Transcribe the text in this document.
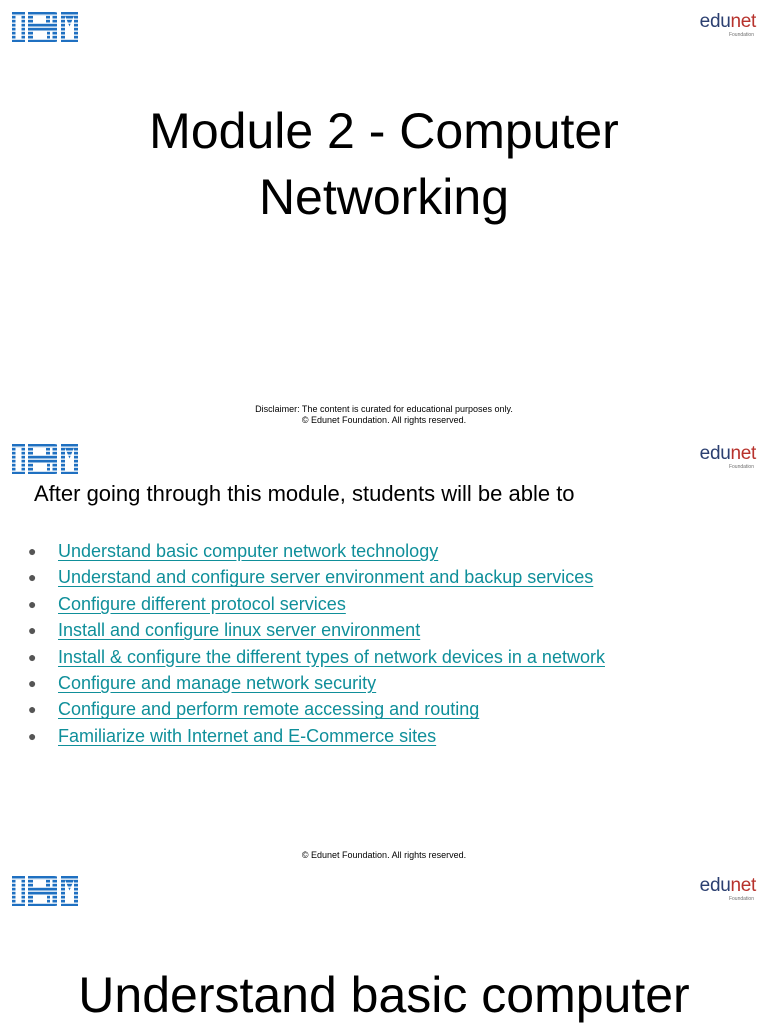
edunet
Foundation
Module 2 - Computer
Networking
Disclaimer: The content is curated for educational purposes only.
© Edunet Foundation. All rights reserved.
edunet
Foundation

After going through this module, students will be able to

● Understand basic computer network technology
● Understand and configure server environment and backup services
● Configure different protocol services
● Install and configure linux server environment
● Install & configure the different types of network devices in a network
● Configure and manage network security
● Configure and perform remote accessing and routing
● Familiarize with Internet and E-Commerce sites
© Edunet Foundation. All rights reserved.
edunet
Foundation
Understand basic computer
